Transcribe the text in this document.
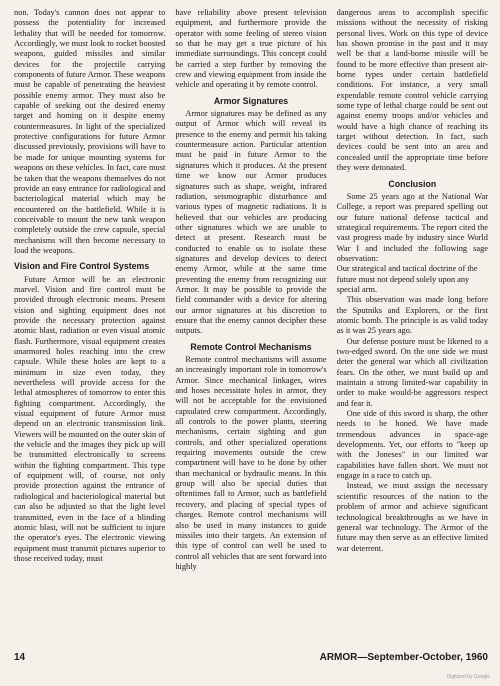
non. Today's cannon does not appear to possess the potentiality for increased lethality that will be needed for tomorrow. Accordingly, we must look to rocket boosted weapons, guided missiles and similar devices for the projectile carrying components of future Armor. These weapons must be capable of penetrating the heaviest possible enemy armor. They must also be capable of seeking out the desired enemy target and homing on it despite enemy countermeasures. In light of the specialized protective configurations for future Armor discussed previously, provisions will have to be made for unique mounting systems for weapons on these vehicles. In fact, care must be taken that the weapons themselves do not provide an easy entrance for radiological and bacteriological material which may be encountered on the battlefield. While it is conceivable to mount the new tank weapon completely outside the crew capsule, special mechanisms will then become necessary to load the weapons.

Vision and Fire Control Systems

Future Armor will be an electronic marvel. Vision and fire control must be provided through electronic means. Present vision and sighting equipment does not provide the necessary protection against atomic blast, radiation or even visual atomic flash. Furthermore, visual equipment creates unarmored holes reaching into the crew capsule. While these holes are kept to a minimum in size even today, they nevertheless will provide access for the lethal atmospheres of tomorrow to enter this fighting compartment. Accordingly, the visual equipment of future Armor must depend on an electronic transmission link. Viewers will be mounted on the outer skin of the vehicle and the images they pick up will be transmitted electronically to screens within the fighting compartment. This type of equipment will, of course, not only provide protection against the entrance of radiological and bacteriological material but can also be adjusted so that the light level transmitted, even in the face of a blinding atomic blast, will not be sufficient to injure the operator's eyes. The electronic viewing equipment must transmit pictures superior to those received today, must

have reliability above present television equipment, and furthermore provide the operator with some feeling of stereo vision so that he may get a true picture of his immediate surroundings. This concept could be carried a step further by removing the crew and viewing equipment from inside the vehicle and operating it by remote control.

Armor Signatures

Armor signatures may be defined as any output of Armor which will reveal its presence to the enemy and permit his taking countermeasure action. Particular attention must be paid in future Armor to the signatures which it produces. At the present time we know our Armor produces signatures such as shape, weight, infrared radiation, seismographic disturbance and various types of magnetic radiations. It is believed that our vehicles are producing other signatures which we are unable to detect at present. Research must be conducted to enable us to isolate these signatures and develop devices to detect enemy Armor, while at the same time preventing the enemy from recognizing our Armor. It may be possible to provide the field commander with a device for altering our armor signatures at his discretion to ensure that the enemy cannot decipher these outputs.

Remote Control Mechanisms

Remote control mechanisms will assume an increasingly important role in tomorrow's Armor. Since mechanical linkages, wires and hoses necessitate holes in armor, they will not be acceptable for the envisioned capsulated crew compartment. Accordingly, all controls to the power plants, steering mechanisms, certain sighting and gun controls, and other specialized operations requiring movements outside the crew compartment will have to be done by other than mechanical or hydraulic means. In this group will also be special duties that oftentimes fall to Armor, such as battlefield recovery, and placing of special types of charges. Remote control mechanisms will also be used in many instances to guide missiles into their targets. An extension of this type of control can well be used to control all vehicles that are sent forward into highly

dangerous areas to accomplish specific missions without the necessity of risking personal lives. Work on this type of device has shown promise in the past and it may well be that a land-borne missile will be found to be more effective than present air-borne types under certain battlefield conditions. For instance, a very small expendable remote control vehicle carrying some type of lethal charge could be sent out against enemy troops and/or vehicles and would have a high chance of reaching its target without detection. In fact, such devices could be sent into an area and concealed until the appropriate time before they were detonated.

Conclusion

Some 25 years ago at the National War College, a report was prepared spelling out our future national defense tactical and strategical requirements. The report cited the vast progress made by industry since World War I and included the following sage observation:

Our strategical and tactical doctrine of the future must not depend solely upon any special arm.

This observation was made long before the Sputniks and Explorers, or the first atomic bomb. The principle is as valid today as it was 25 years ago.

Our defense posture must be likened to a two-edged sword. On the one side we must deter the general war which all civilization fears. On the other, we must build up and maintain a strong limited-war capability in order to make would-be aggressors respect and fear it.

One side of this sword is sharp, the other needs to be honed. We have made tremendous advances in space-age developments. Yet, our efforts to "keep up with the Joneses" in our limited war capabilities have fallen short. We must not engage in a race to catch up.

Instead, we must assign the necessary scientific resources of the nation to the problem of armor and achieve significant technological breakthroughs as we have in general war technology. The Armor of the future may then serve as an effective limited war deterrent.

14	ARMOR—September-October, 1960
Digitized by Google
